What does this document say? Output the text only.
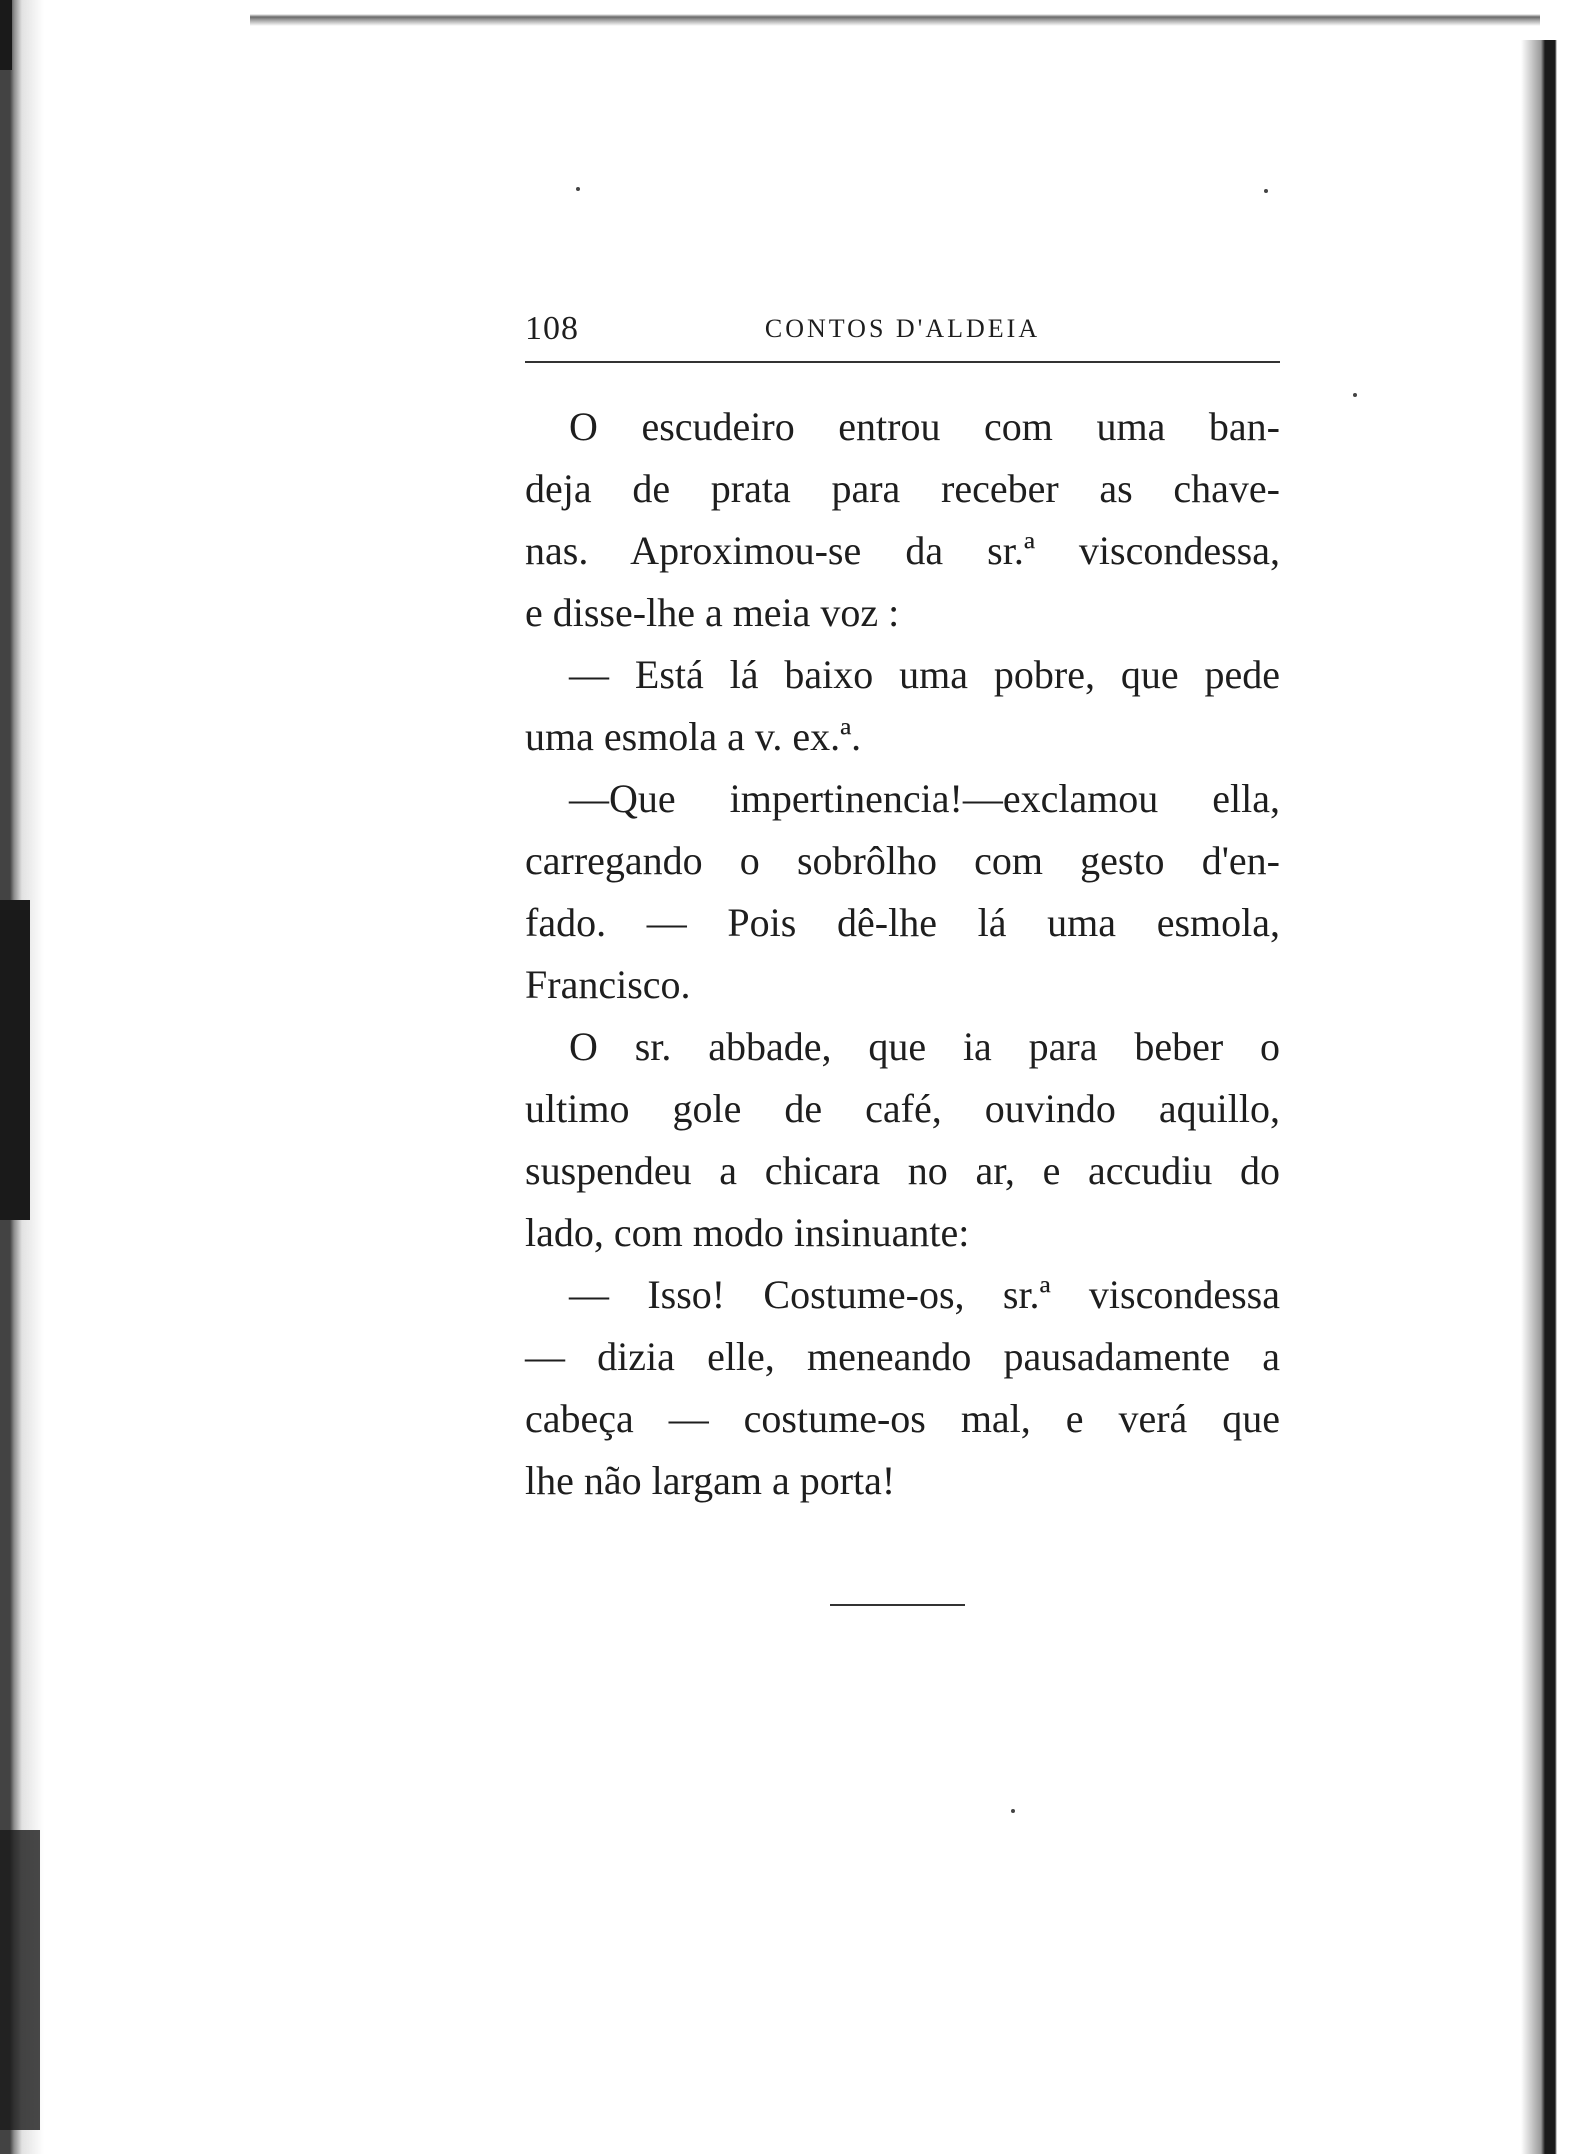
108	CONTOS D'ALDEIA
O escudeiro entrou com uma ban-
deja de prata para receber as chave-
nas. Aproximou-se da sr.ª viscondessa,
e disse-lhe a meia voz :
— Está lá baixo uma pobre, que pede
uma esmola a v. ex.ª.
—Que impertinencia!—exclamou ella,
carregando o sobrôlho com gesto d'en-
fado. — Pois dê-lhe lá uma esmola,
Francisco.
O sr. abbade, que ia para beber o
ultimo gole de café, ouvindo aquillo,
suspendeu a chicara no ar, e accudiu do
lado, com modo insinuante:
— Isso! Costume-os, sr.ª viscondessa
— dizia elle, meneando pausadamente a
cabeça — costume-os mal, e verá que
lhe não largam a porta!
